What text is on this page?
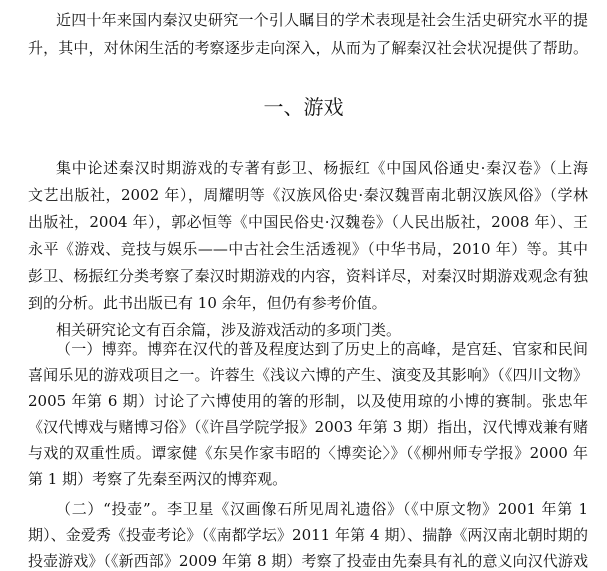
近四十年来国内秦汉史研究一个引人瞩目的学术表现是社会生活史研究水平的提
升，其中，对休闲生活的考察逐步走向深入，从而为了解秦汉社会状况提供了帮助。
一、游戏
集中论述秦汉时期游戏的专著有彭卫、杨振红《中国风俗通史·秦汉卷》（上海
文艺出版社，2002 年），周耀明等《汉族风俗史·秦汉魏晋南北朝汉族风俗》（学林
出版社，2004 年），郭必恒等《中国民俗史·汉魏卷》（人民出版社，2008 年）、王
永平《游戏、竞技与娱乐——中古社会生活透视》（中华书局，2010 年）等。其中
彭卫、杨振红分类考察了秦汉时期游戏的内容，资料详尽，对秦汉时期游戏观念有独
到的分析。此书出版已有 10 余年，但仍有参考价值。
相关研究论文有百余篇，涉及游戏活动的多项门类。
（一）博弈。博弈在汉代的普及程度达到了历史上的高峰，是宫廷、官家和民间
喜闻乐见的游戏项目之一。许蓉生《浅议六博的产生、演变及其影响》（《四川文物》
2005 年第 6 期）讨论了六博使用的箸的形制，以及使用琼的小博的赛制。张忠年
《汉代博戏与赌博习俗》（《许昌学院学报》2003 年第 3 期）指出，汉代博戏兼有赌
与戏的双重性质。谭家健《东吴作家韦昭的〈博奕论〉》（《柳州师专学报》2000 年
第 1 期）考察了先秦至两汉的博弈观。
（二）“投壶”。李卫星《汉画像石所见周礼遗俗》（《中原文物》2001 年第 1
期）、金爱秀《投壶考论》（《南都学坛》2011 年第 4 期）、揣静《两汉南北朝时期的
投壶游戏》（《新西部》2009 年第 8 期）考察了投壶由先秦具有礼的意义向汉代游戏
